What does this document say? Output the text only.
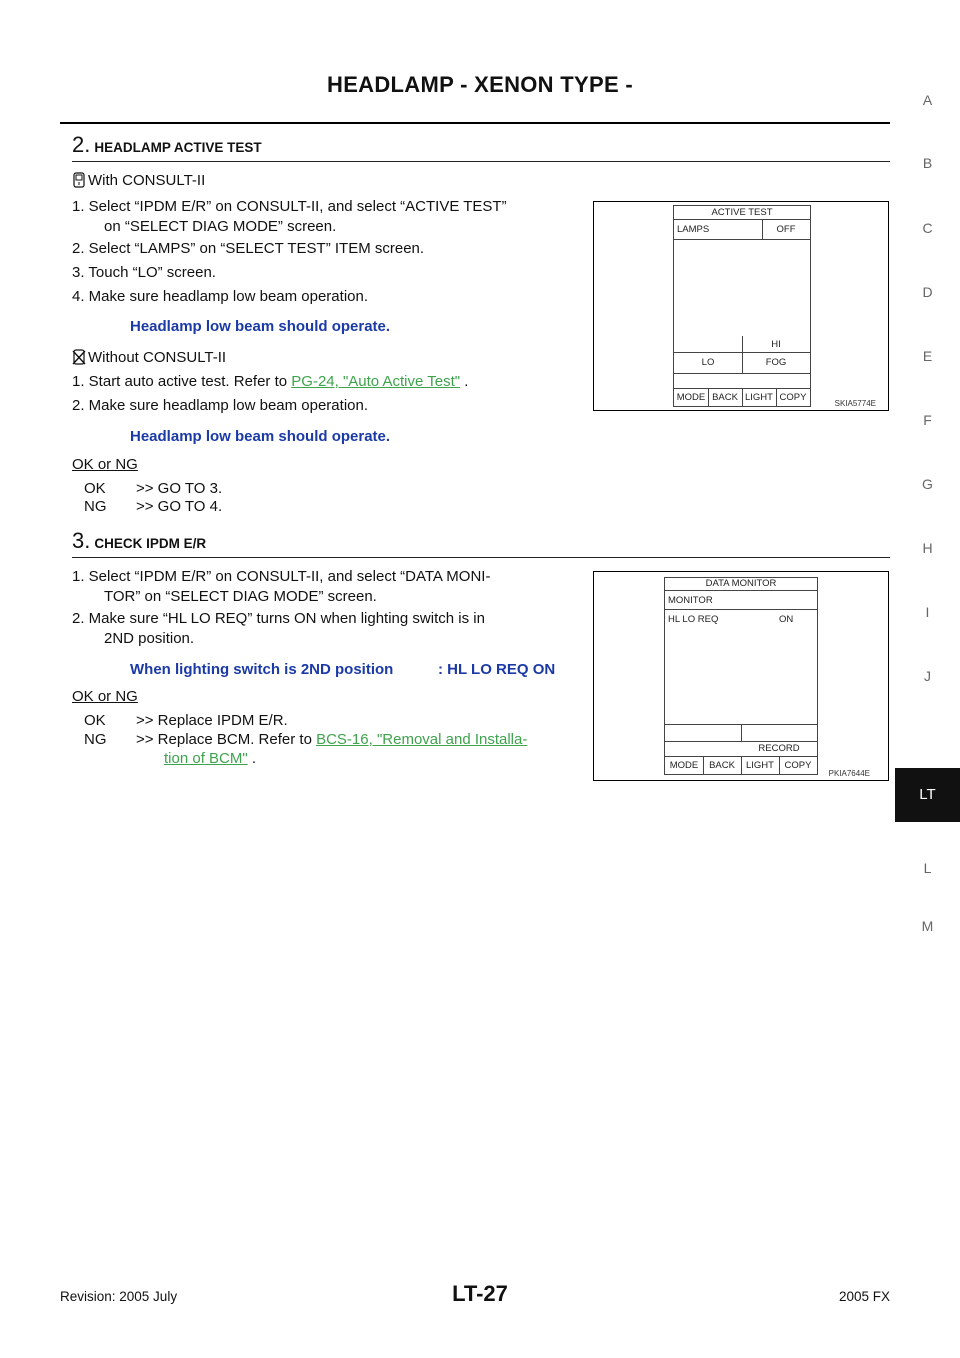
HEADLAMP - XENON TYPE -
A
B
C
D
E
F
G
H
I
J
LT
L
M
2. HEADLAMP ACTIVE TEST
With CONSULT-II
1. Select “IPDM E/R” on CONSULT-II, and select “ACTIVE TEST”
on “SELECT DIAG MODE” screen.
2. Select “LAMPS” on “SELECT TEST” ITEM screen.
3. Touch “LO” screen.
4. Make sure headlamp low beam operation.
Headlamp low beam should operate.
Without CONSULT-II
1. Start auto active test. Refer to PG-24, "Auto Active Test" .
2. Make sure headlamp low beam operation.
Headlamp low beam should operate.
OK or NG
OK >> GO TO 3.
NG >> GO TO 4.
ACTIVE TEST
LAMPS	OFF
HI
LO	FOG
MODE BACK LIGHT COPY
SKIA5774E
3. CHECK IPDM E/R
1. Select “IPDM E/R” on CONSULT-II, and select “DATA MONI-
TOR” on “SELECT DIAG MODE” screen.
2. Make sure “HL LO REQ” turns ON when lighting switch is in
2ND position.
When lighting switch is 2ND position	: HL LO REQ ON
OK or NG
OK >> Replace IPDM E/R.
NG >> Replace BCM. Refer to BCS-16, "Removal and Installa-
tion of BCM" .
DATA MONITOR
MONITOR
HL LO REQ	ON
RECORD
MODE	BACK	LIGHT	COPY
PKIA7644E
Revision: 2005 July	LT-27	2005 FX
